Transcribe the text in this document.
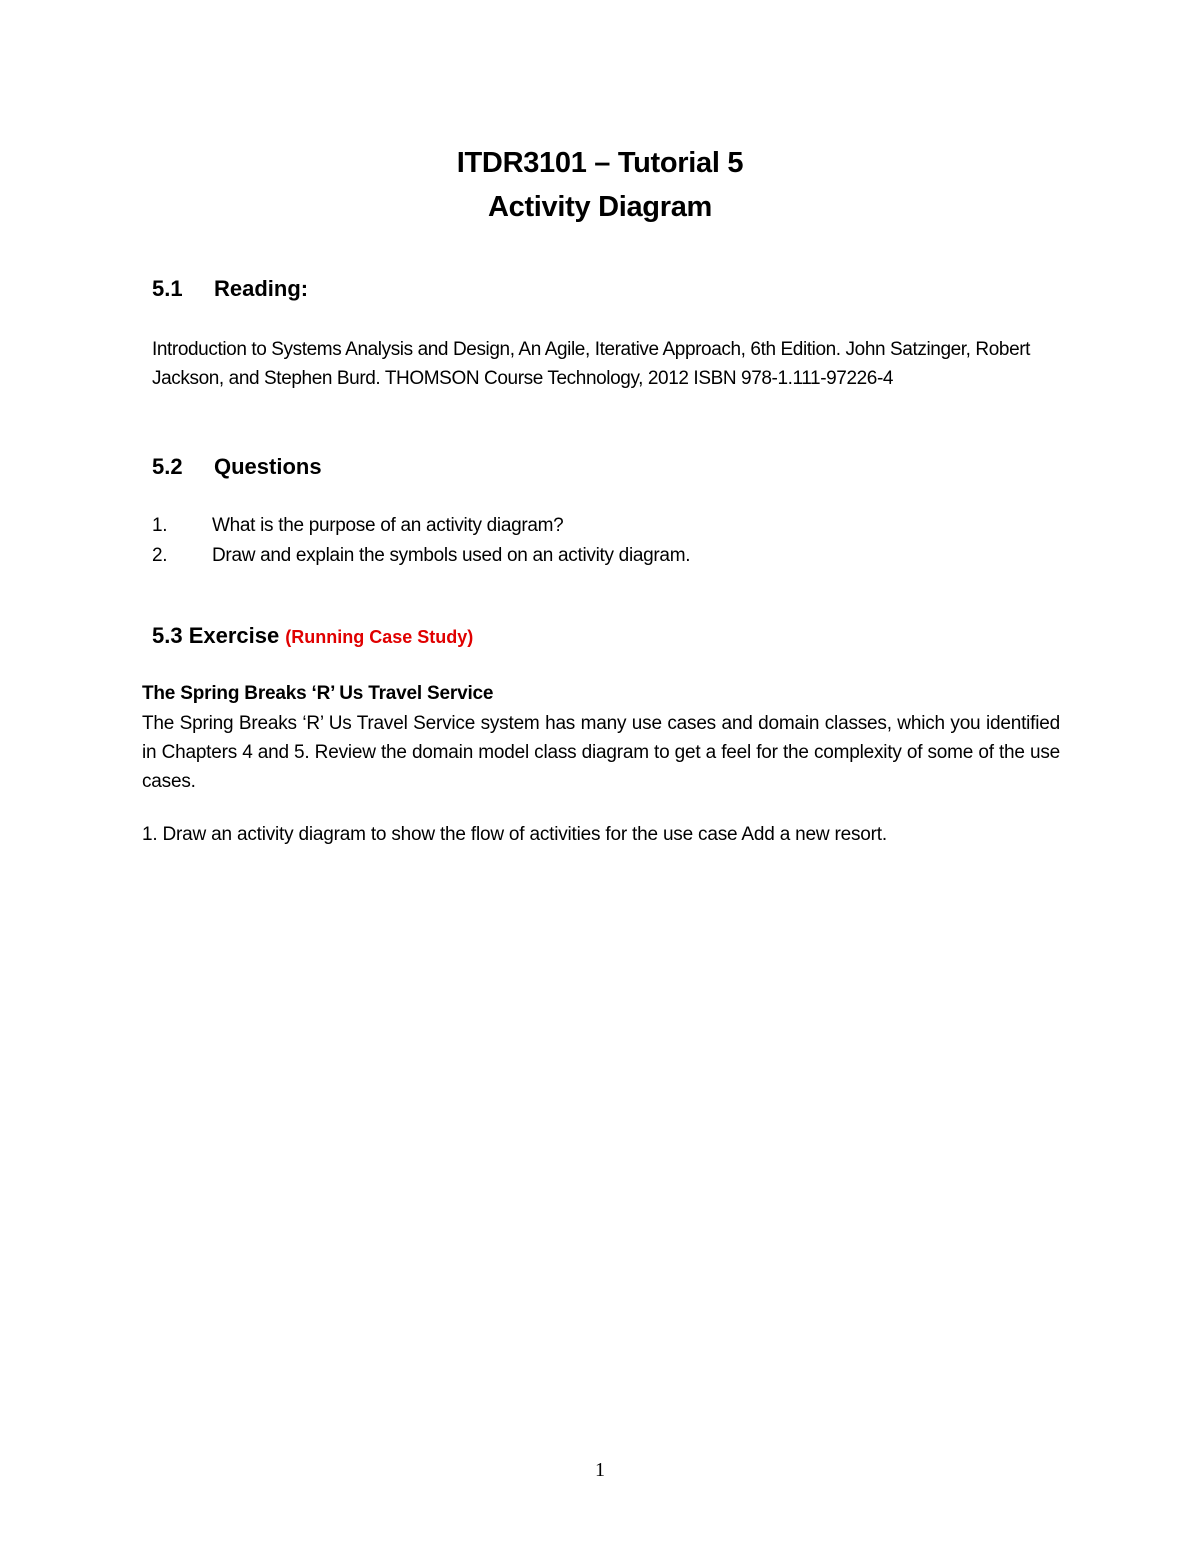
ITDR3101 – Tutorial 5
Activity Diagram
5.1 Reading:
Introduction to Systems Analysis and Design, An Agile, Iterative Approach, 6th Edition. John Satzinger, Robert Jackson, and Stephen Burd. THOMSON Course Technology, 2012 ISBN 978-1.111-97226-4
5.2 Questions
1.	What is the purpose of an activity diagram?
2.	Draw and explain the symbols used on an activity diagram.
5.3 Exercise (Running Case Study)
The Spring Breaks ‘R’ Us Travel Service
The Spring Breaks ‘R’ Us Travel Service system has many use cases and domain classes, which you identified in Chapters 4 and 5. Review the domain model class diagram to get a feel for the complexity of some of the use cases.
1. Draw an activity diagram to show the flow of activities for the use case Add a new resort.
1
